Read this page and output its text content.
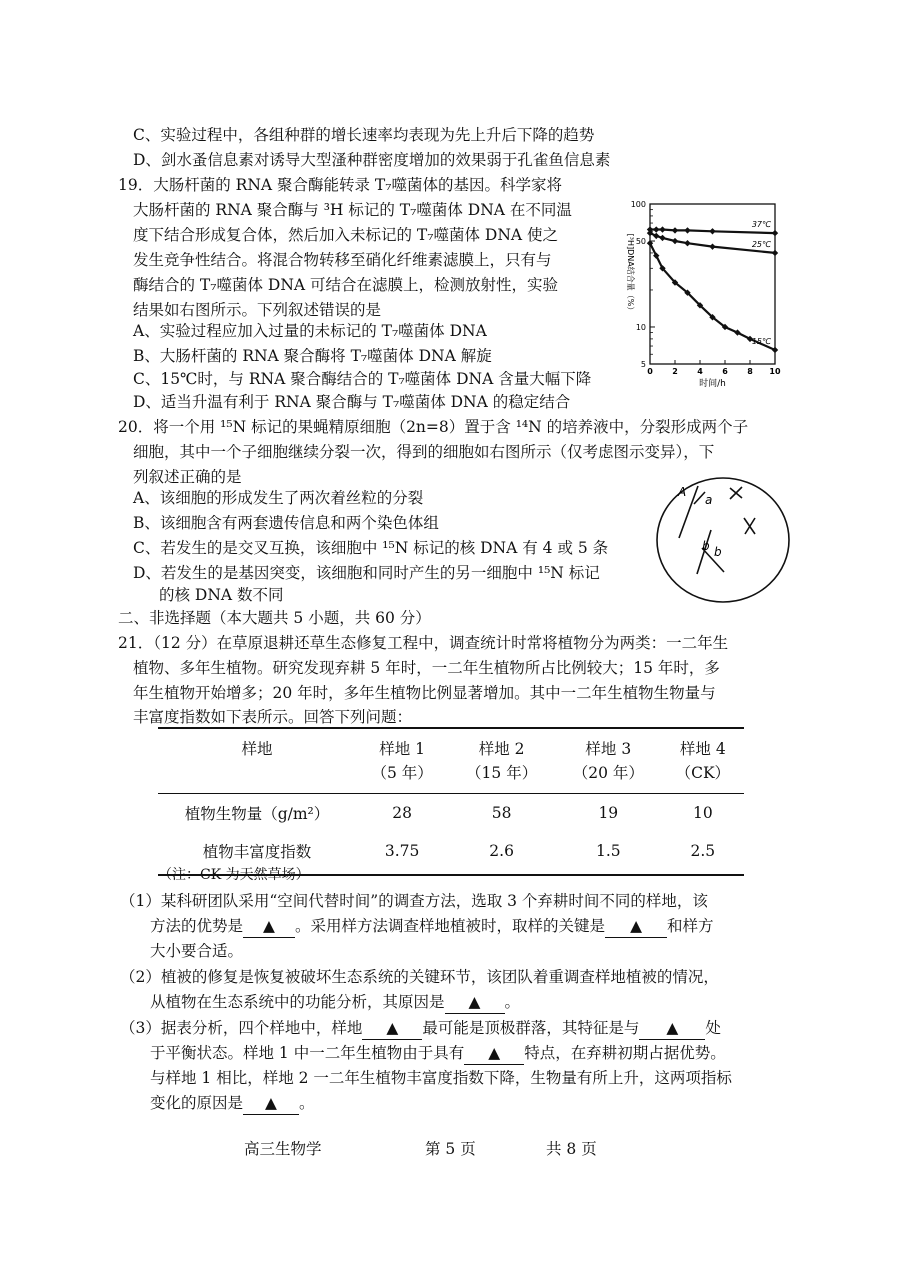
C、实验过程中，各组种群的增长速率均表现为先上升后下降的趋势
D、剑水蚤信息素对诱导大型溞种群密度增加的效果弱于孔雀鱼信息素
19．大肠杆菌的 RNA 聚合酶能转录 T₇噬菌体的基因。科学家将
大肠杆菌的 RNA 聚合酶与 ³H 标记的 T₇噬菌体 DNA 在不同温
度下结合形成复合体，然后加入未标记的 T₇噬菌体 DNA 使之
发生竞争性结合。将混合物转移至硝化纤维素滤膜上，只有与
酶结合的 T₇噬菌体 DNA 可结合在滤膜上，检测放射性，实验
结果如右图所示。下列叙述错误的是
A、实验过程应加入过量的未标记的 T₇噬菌体 DNA
B、大肠杆菌的 RNA 聚合酶将 T₇噬菌体 DNA 解旋
C、15℃时，与 RNA 聚合酶结合的 T₇噬菌体 DNA 含量大幅下降
D、适当升温有利于 RNA 聚合酶与 T₇噬菌体 DNA 的稳定结合
5
10
50
100
0 2 4 6 8 10
时间/h
[³H]DNA结合量（%）
37℃
25℃
15℃
20．将一个用 ¹⁵N 标记的果蝇精原细胞（2n=8）置于含 ¹⁴N 的培养液中，分裂形成两个子
细胞，其中一个子细胞继续分裂一次，得到的细胞如右图所示（仅考虑图示变异），下
列叙述正确的是
A、该细胞的形成发生了两次着丝粒的分裂
B、该细胞含有两套遗传信息和两个染色体组
C、若发生的是交叉互换，该细胞中 ¹⁵N 标记的核 DNA 有 4 或 5 条
D、若发生的是基因突变，该细胞和同时产生的另一细胞中 ¹⁵N 标记
的核 DNA 数不同
A
a
b b
二、非选择题（本大题共 5 小题，共 60 分）
21．（12 分）在草原退耕还草生态修复工程中，调查统计时常将植物分为两类：一二年生
植物、多年生植物。研究发现弃耕 5 年时，一二年生植物所占比例较大；15 年时，多
年生植物开始增多；20 年时，多年生植物比例显著增加。其中一二年生植物生物量与
丰富度指数如下表所示。回答下列问题：
样地	样地 1	样地 2	样地 3	样地 4
	（5 年）	（15 年）	（20 年）	（CK）
植物生物量（g/m²）	28	58	19	10
植物丰富度指数	3.75	2.6	1.5	2.5
（注：CK 为天然草场）
（1）某科研团队采用“空间代替时间”的调查方法，选取 3 个弃耕时间不同的样地，该
方法的优势是 ▲ 。采用样方法调查样地植被时，取样的关键是 ▲ 和样方
大小要合适。
（2）植被的修复是恢复被破坏生态系统的关键环节，该团队着重调查样地植被的情况，
从植物在生态系统中的功能分析，其原因是 ▲ 。
（3）据表分析，四个样地中，样地 ▲ 最可能是顶极群落，其特征是与 ▲ 处
于平衡状态。样地 1 中一二年生植物由于具有 ▲ 特点，在弃耕初期占据优势。
与样地 1 相比，样地 2 一二年生植物丰富度指数下降，生物量有所上升，这两项指标
变化的原因是 ▲ 。
高三生物学	第 5 页	共 8 页
